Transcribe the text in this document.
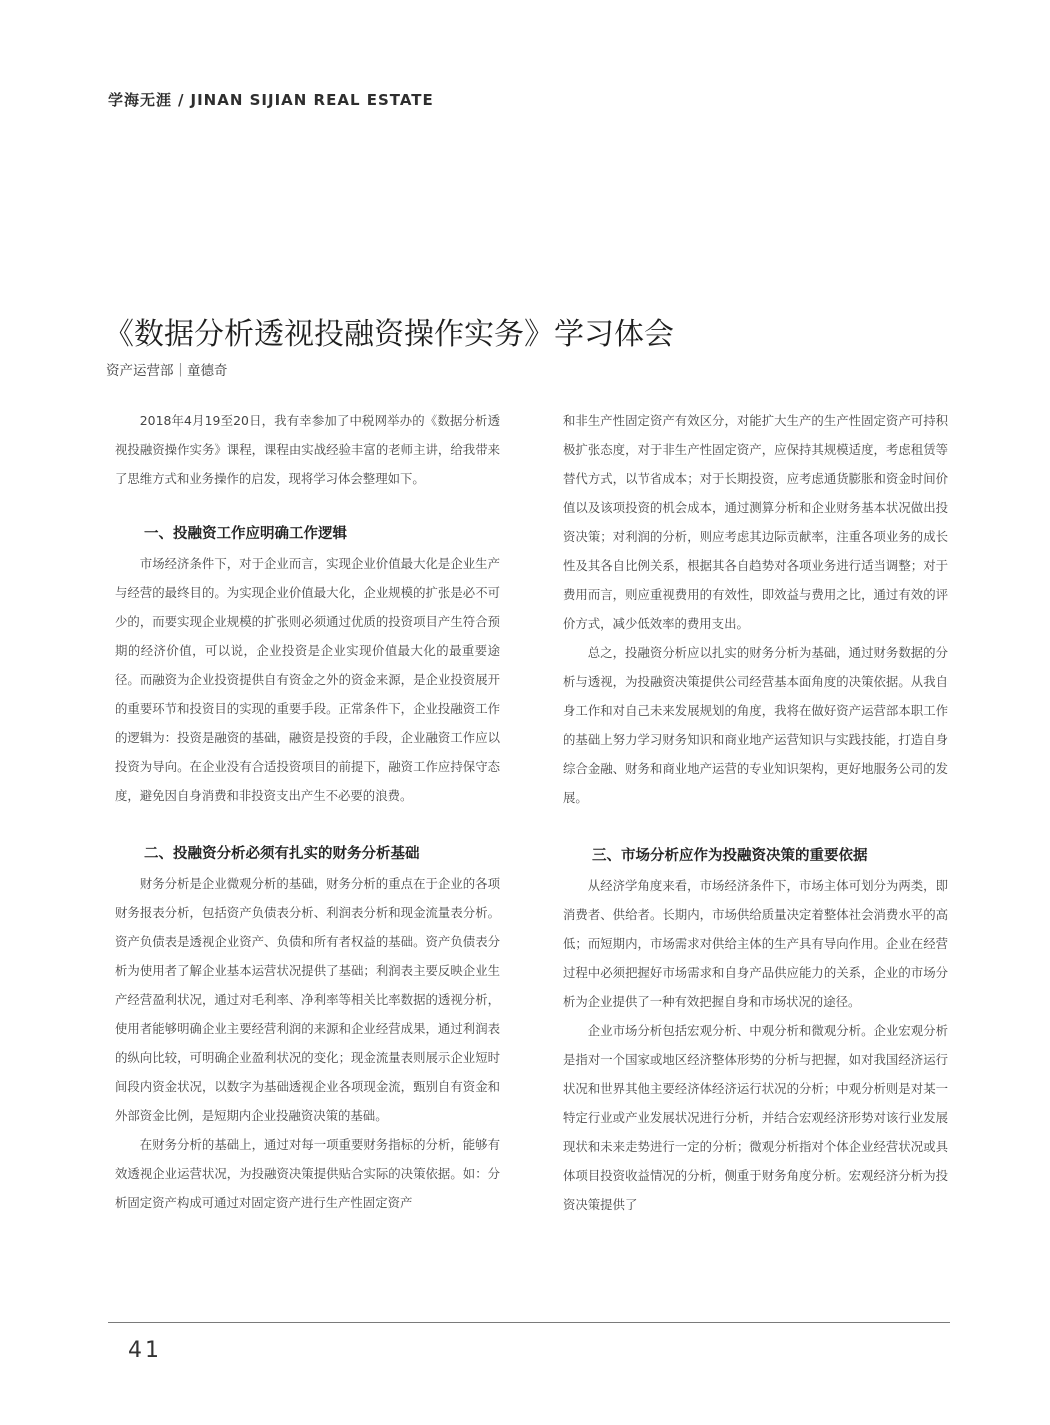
学海无涯 / JINAN SIJIAN REAL ESTATE
《数据分析透视投融资操作实务》学习体会
资产运营部｜童德奇

2018年4月19至20日，我有幸参加了中税网举办的《数据分析透视投融资操作实务》课程，课程由实战经验丰富的老师主讲，给我带来了思维方式和业务操作的启发，现将学习体会整理如下。

一、投融资工作应明确工作逻辑

市场经济条件下，对于企业而言，实现企业价值最大化是企业生产与经营的最终目的。为实现企业价值最大化，企业规模的扩张是必不可少的，而要实现企业规模的扩张则必须通过优质的投资项目产生符合预期的经济价值，可以说，企业投资是企业实现价值最大化的最重要途径。而融资为企业投资提供自有资金之外的资金来源，是企业投资展开的重要环节和投资目的实现的重要手段。正常条件下，企业投融资工作的逻辑为：投资是融资的基础，融资是投资的手段，企业融资工作应以投资为导向。在企业没有合适投资项目的前提下，融资工作应持保守态度，避免因自身消费和非投资支出产生不必要的浪费。

二、投融资分析必须有扎实的财务分析基础

财务分析是企业微观分析的基础，财务分析的重点在于企业的各项财务报表分析，包括资产负债表分析、利润表分析和现金流量表分析。资产负债表是透视企业资产、负债和所有者权益的基础。资产负债表分析为使用者了解企业基本运营状况提供了基础；利润表主要反映企业生产经营盈利状况，通过对毛利率、净利率等相关比率数据的透视分析，使用者能够明确企业主要经营利润的来源和企业经营成果，通过利润表的纵向比较，可明确企业盈利状况的变化；现金流量表则展示企业短时间段内资金状况，以数字为基础透视企业各项现金流，甄别自有资金和外部资金比例，是短期内企业投融资决策的基础。

在财务分析的基础上，通过对每一项重要财务指标的分析，能够有效透视企业运营状况，为投融资决策提供贴合实际的决策依据。如：分析固定资产构成可通过对固定资产进行生产性固定资产

和非生产性固定资产有效区分，对能扩大生产的生产性固定资产可持积极扩张态度，对于非生产性固定资产，应保持其规模适度，考虑租赁等替代方式，以节省成本；对于长期投资，应考虑通货膨胀和资金时间价值以及该项投资的机会成本，通过测算分析和企业财务基本状况做出投资决策；对利润的分析，则应考虑其边际贡献率，注重各项业务的成长性及其各自比例关系，根据其各自趋势对各项业务进行适当调整；对于费用而言，则应重视费用的有效性，即效益与费用之比，通过有效的评价方式，减少低效率的费用支出。

总之，投融资分析应以扎实的财务分析为基础，通过财务数据的分析与透视，为投融资决策提供公司经营基本面角度的决策依据。从我自身工作和对自己未来发展规划的角度，我将在做好资产运营部本职工作的基础上努力学习财务知识和商业地产运营知识与实践技能，打造自身综合金融、财务和商业地产运营的专业知识架构，更好地服务公司的发展。

三、市场分析应作为投融资决策的重要依据

从经济学角度来看，市场经济条件下，市场主体可划分为两类，即消费者、供给者。长期内，市场供给质量决定着整体社会消费水平的高低；而短期内，市场需求对供给主体的生产具有导向作用。企业在经营过程中必须把握好市场需求和自身产品供应能力的关系，企业的市场分析为企业提供了一种有效把握自身和市场状况的途径。

企业市场分析包括宏观分析、中观分析和微观分析。企业宏观分析是指对一个国家或地区经济整体形势的分析与把握，如对我国经济运行状况和世界其他主要经济体经济运行状况的分析；中观分析则是对某一特定行业或产业发展状况进行分析，并结合宏观经济形势对该行业发展现状和未来走势进行一定的分析；微观分析指对个体企业经营状况或具体项目投资收益情况的分析，侧重于财务角度分析。宏观经济分析为投资决策提供了

41
